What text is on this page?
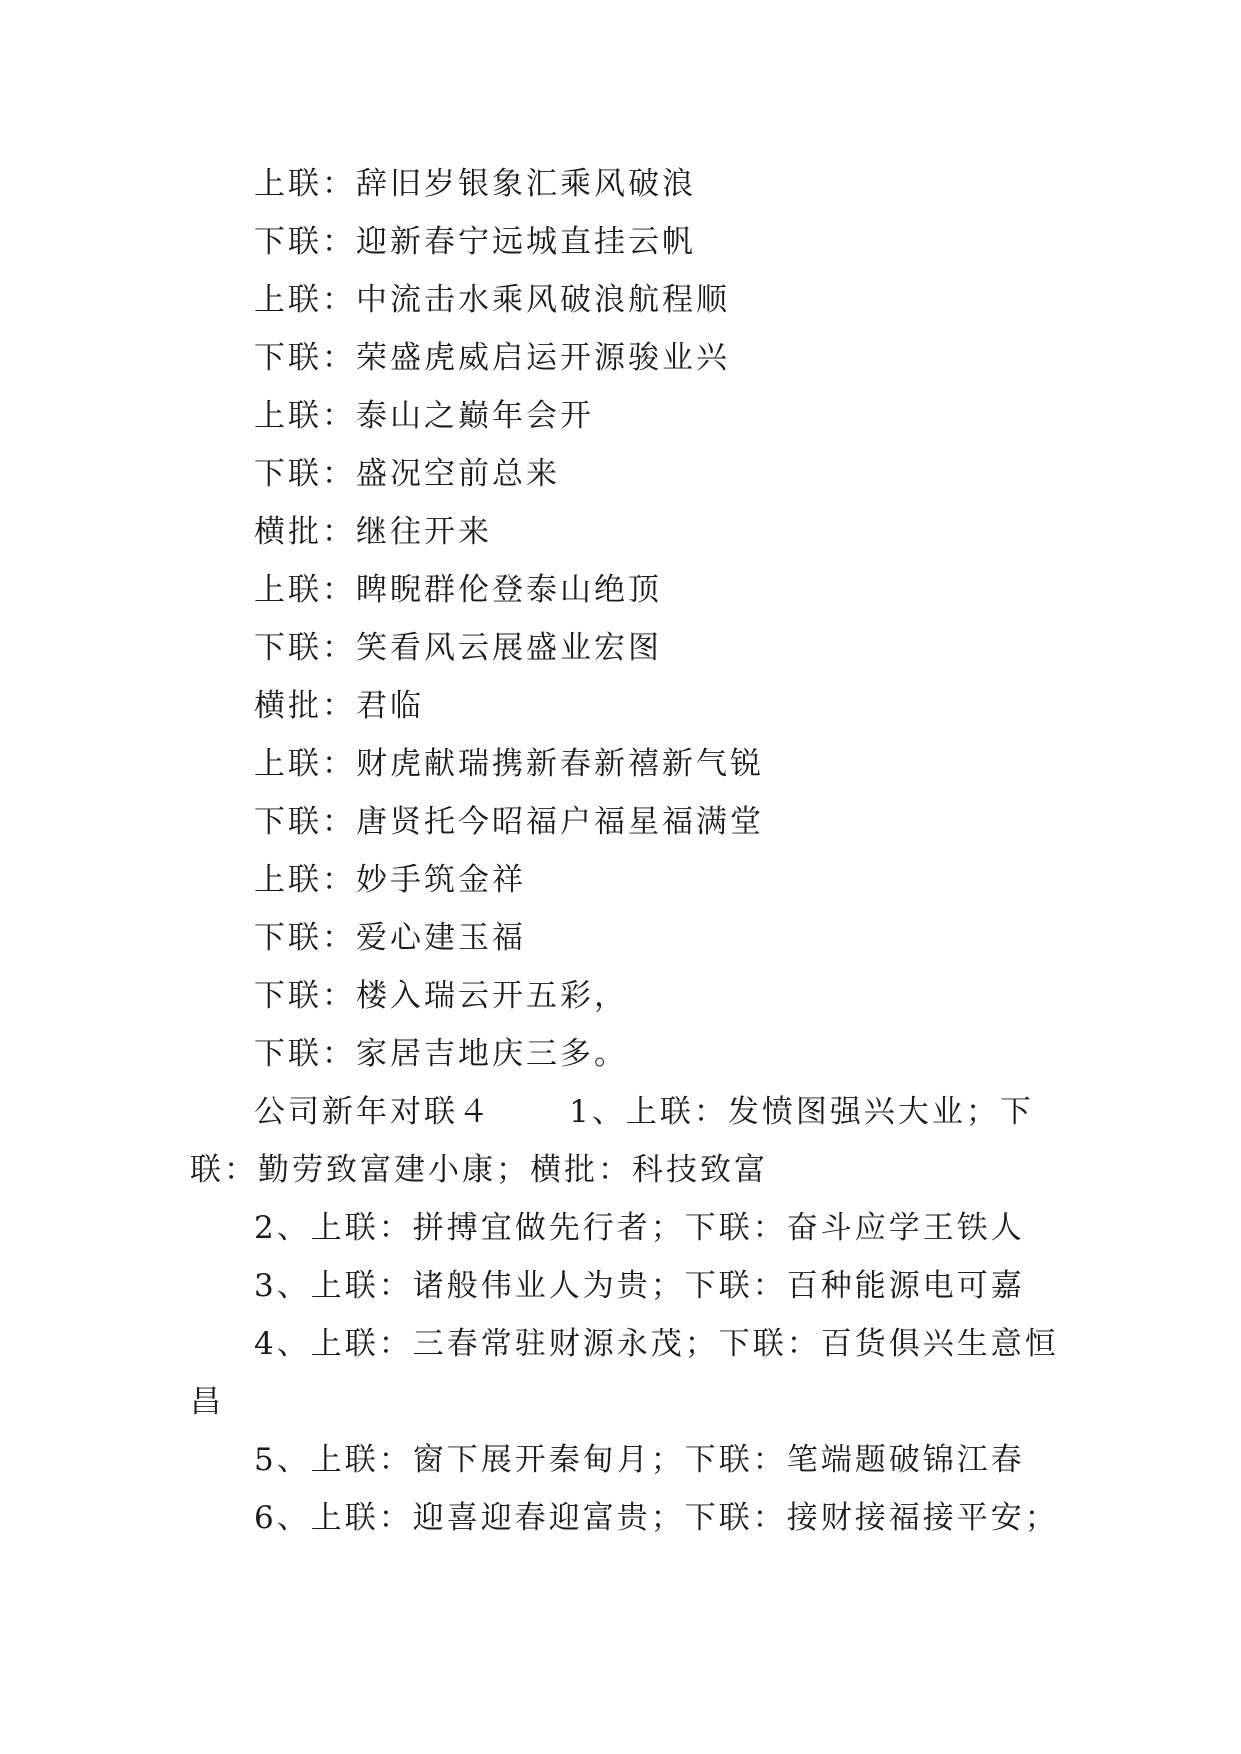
上联：辞旧岁银象汇乘风破浪
下联：迎新春宁远城直挂云帆
上联：中流击水乘风破浪航程顺
下联：荣盛虎威启运开源骏业兴
上联：泰山之巅年会开
下联：盛况空前总来
横批：继往开来
上联：睥睨群伦登泰山绝顶
下联：笑看风云展盛业宏图
横批：君临
上联：财虎献瑞携新春新禧新气锐
下联：唐贤托今昭福户福星福满堂
上联：妙手筑金祥
下联：爱心建玉福
下联：楼入瑞云开五彩，
下联：家居吉地庆三多。

公司新年对联４ 1、上联：发愤图强兴大业；下联：勤劳致富建小康；横批：科技致富

2、上联：拼搏宜做先行者；下联：奋斗应学王铁人

3、上联：诸般伟业人为贵；下联：百种能源电可嘉

4、上联：三春常驻财源永茂；下联：百货俱兴生意恒昌

5、上联：窗下展开秦甸月；下联：笔端题破锦江春

6、上联：迎喜迎春迎富贵；下联：接财接福接平安；
